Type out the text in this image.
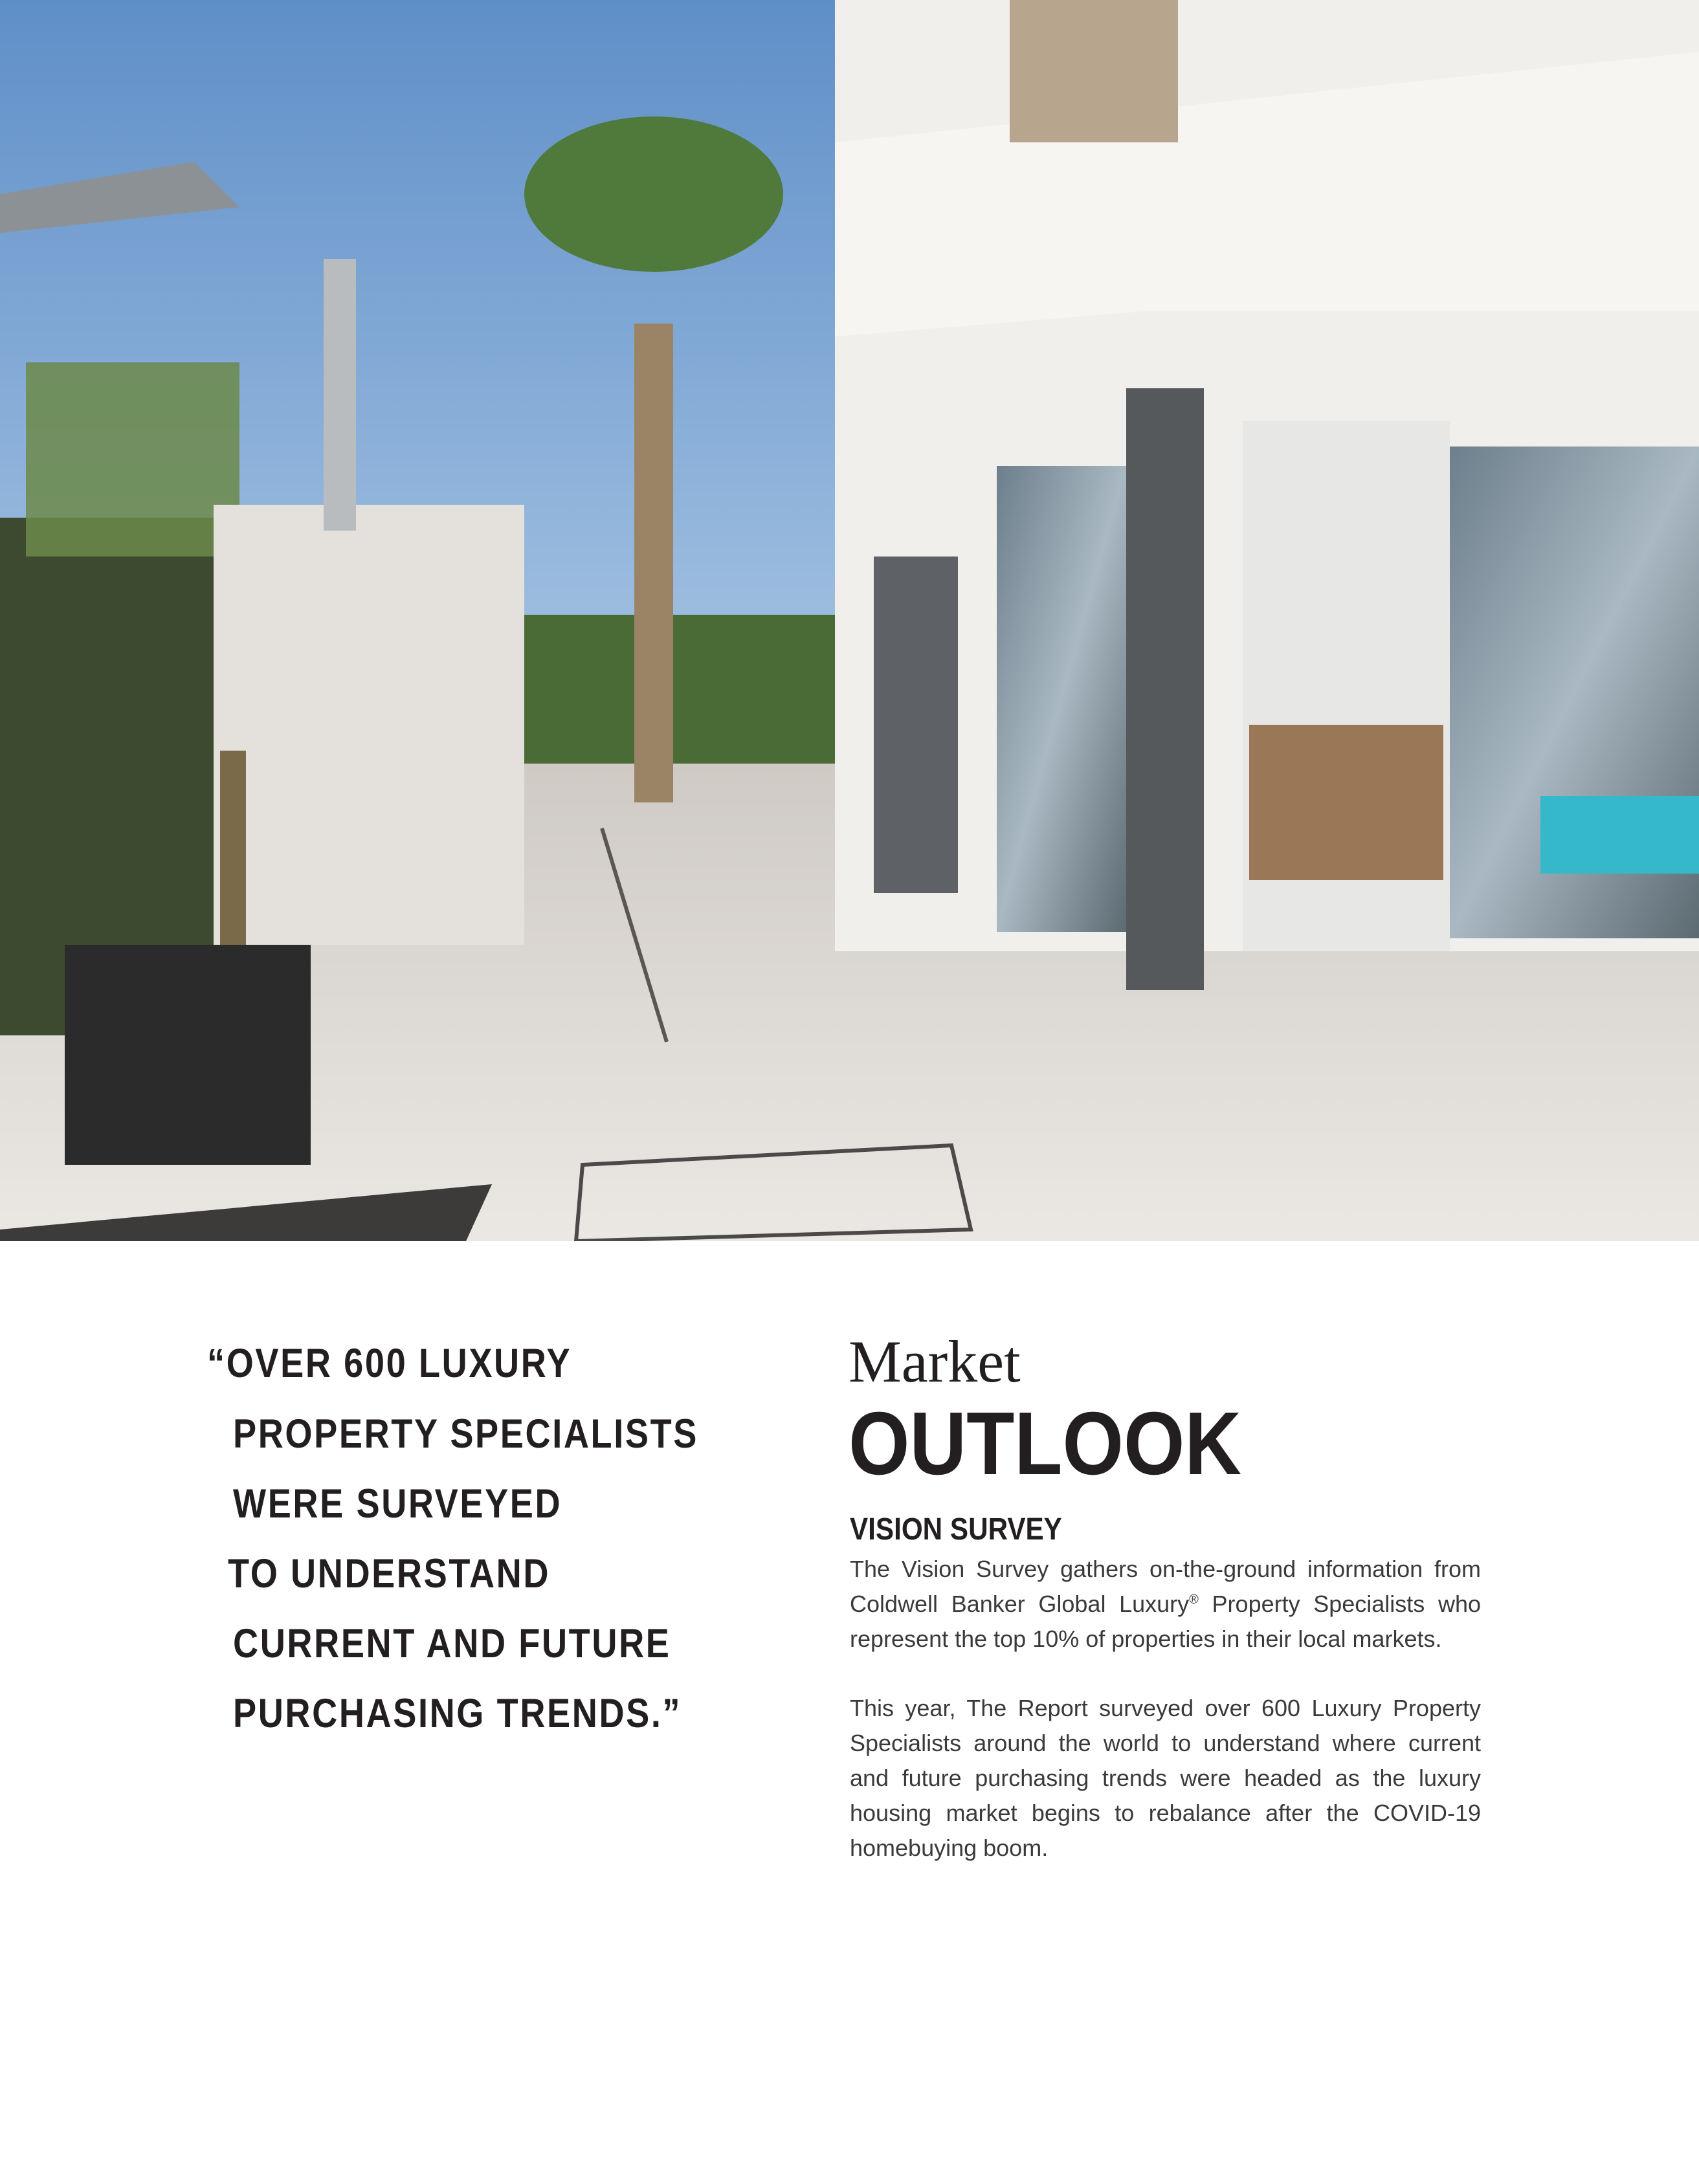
“OVER 600 LUXURY
PROPERTY SPECIALISTS
WERE SURVEYED
TO UNDERSTAND
CURRENT AND FUTURE
PURCHASING TRENDS.”
Market
OUTLOOK
VISION SURVEY

The Vision Survey gathers on-the-ground information from Coldwell Banker Global Luxury® Property Specialists who represent the top 10% of properties in their local markets.

This year, The Report surveyed over 600 Luxury Property Specialists around the world to understand where current and future purchasing trends were headed as the luxury housing market begins to rebalance after the COVID-19 homebuying boom.
